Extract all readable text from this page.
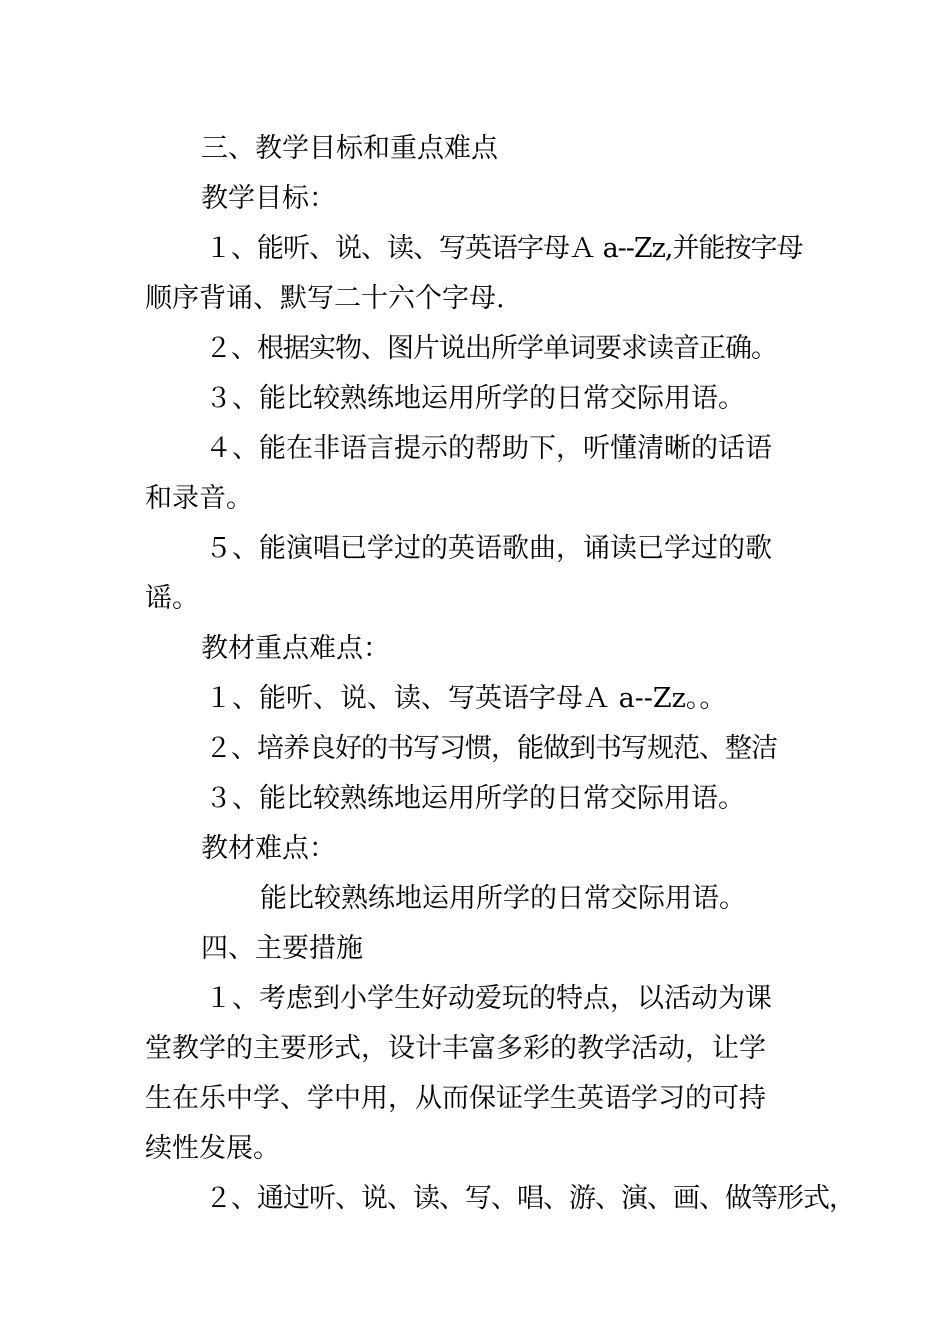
三、教学目标和重点难点
教学目标：
１、能听、说、读、写英语字母Ａ a--Zz,并能按字母
顺序背诵、默写二十六个字母.
２、根据实物、图片说出所学单词要求读音正确。
３、能比较熟练地运用所学的日常交际用语。
４、能在非语言提示的帮助下，听懂清晰的话语
和录音。
５、能演唱已学过的英语歌曲，诵读已学过的歌
谣。
教材重点难点：
１、能听、说、读、写英语字母Ａ a--Zz。。
２、培养良好的书写习惯，能做到书写规范、整洁
３、能比较熟练地运用所学的日常交际用语。
教材难点：
能比较熟练地运用所学的日常交际用语。
四、主要措施
１、考虑到小学生好动爱玩的特点，以活动为课
堂教学的主要形式，设计丰富多彩的教学活动，让学
生在乐中学、学中用，从而保证学生英语学习的可持
续性发展。
２、通过听、说、读、写、唱、游、演、画、做等形式，
